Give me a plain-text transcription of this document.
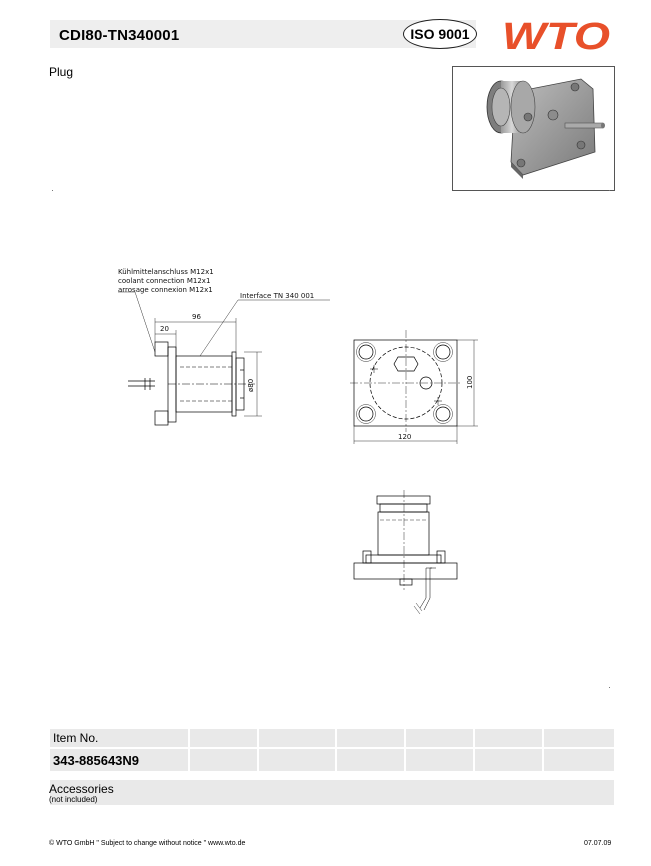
CDI80-TN340001	ISO 9001 WTO
Plug
Kühlmittelanschluss M12x1
coolant connection M12x1
arrosage connexion M12x1
Interface TN 340 001
96
20
ø80
120
100
Item No.
343-885643N9
Accessories
(not included)
© WTO GmbH " Subject to change without notice " www.wto.de	07.07.09
